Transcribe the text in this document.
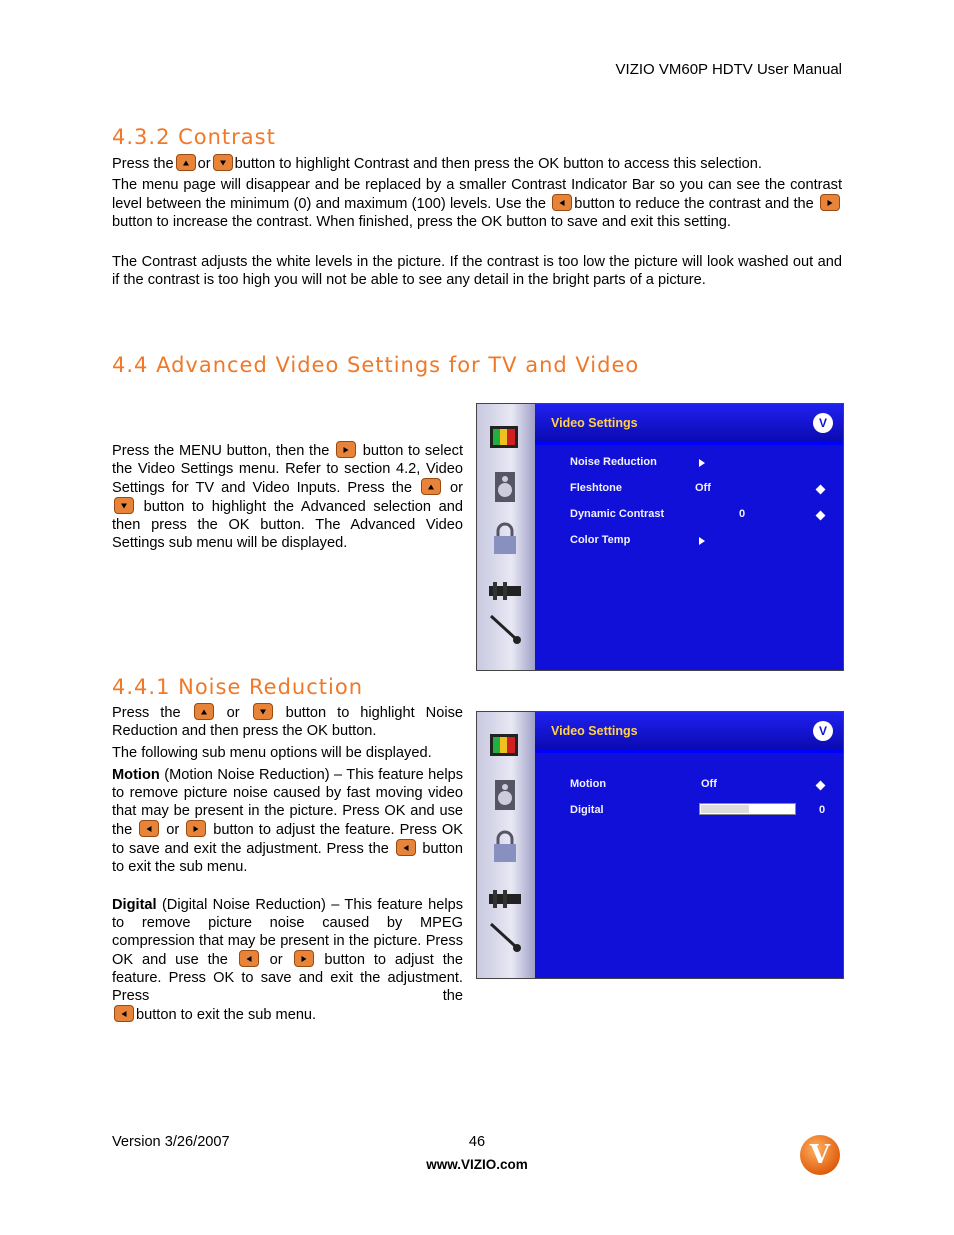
VIZIO VM60P HDTV User Manual
4.3.2 Contrast

Press the or button to highlight Contrast and then press the OK button to access this selection.

The menu page will disappear and be replaced by a smaller Contrast Indicator Bar so you can see the contrast level between the minimum (0) and maximum (100) levels. Use the button to reduce the contrast and the  button to increase the contrast. When finished, press the OK button to save and exit this setting.

The Contrast adjusts the white levels in the picture. If the contrast is too low the picture will look washed out and if the contrast is too high you will not be able to see any detail in the bright parts of a picture.

4.4 Advanced Video Settings for TV and Video

Press the MENU button, then the button to select the Video Settings menu. Refer to section 4.2, Video Settings for TV and Video Inputs. Press the	or  button to highlight the Advanced selection and then press the OK button. The Advanced Video Settings sub menu will be displayed.

Video Settings	V
Noise Reduction
Fleshtone	Off
Dynamic Contrast	0
Color Temp
4.4.1 Noise Reduction

Press the	or	button to highlight Noise Reduction and then press the OK button.

The following sub menu options will be displayed.

Motion (Motion Noise Reduction) – This feature helps to remove picture noise caused by fast moving video that may be present in the picture. Press OK and use the or button to adjust the feature. Press OK to save and exit the adjustment. Press the button to exit the sub menu.

Digital (Digital Noise Reduction) – This feature helps to remove picture noise caused by MPEG compression that may be present in the picture. Press OK and use the	or	button to adjust the feature. Press OK to save and exit the adjustment. Press the
button to exit the sub menu.

Video Settings	V
Motion	Off
Digital	0
Version 3/26/2007	46
www.VIZIO.com	V
